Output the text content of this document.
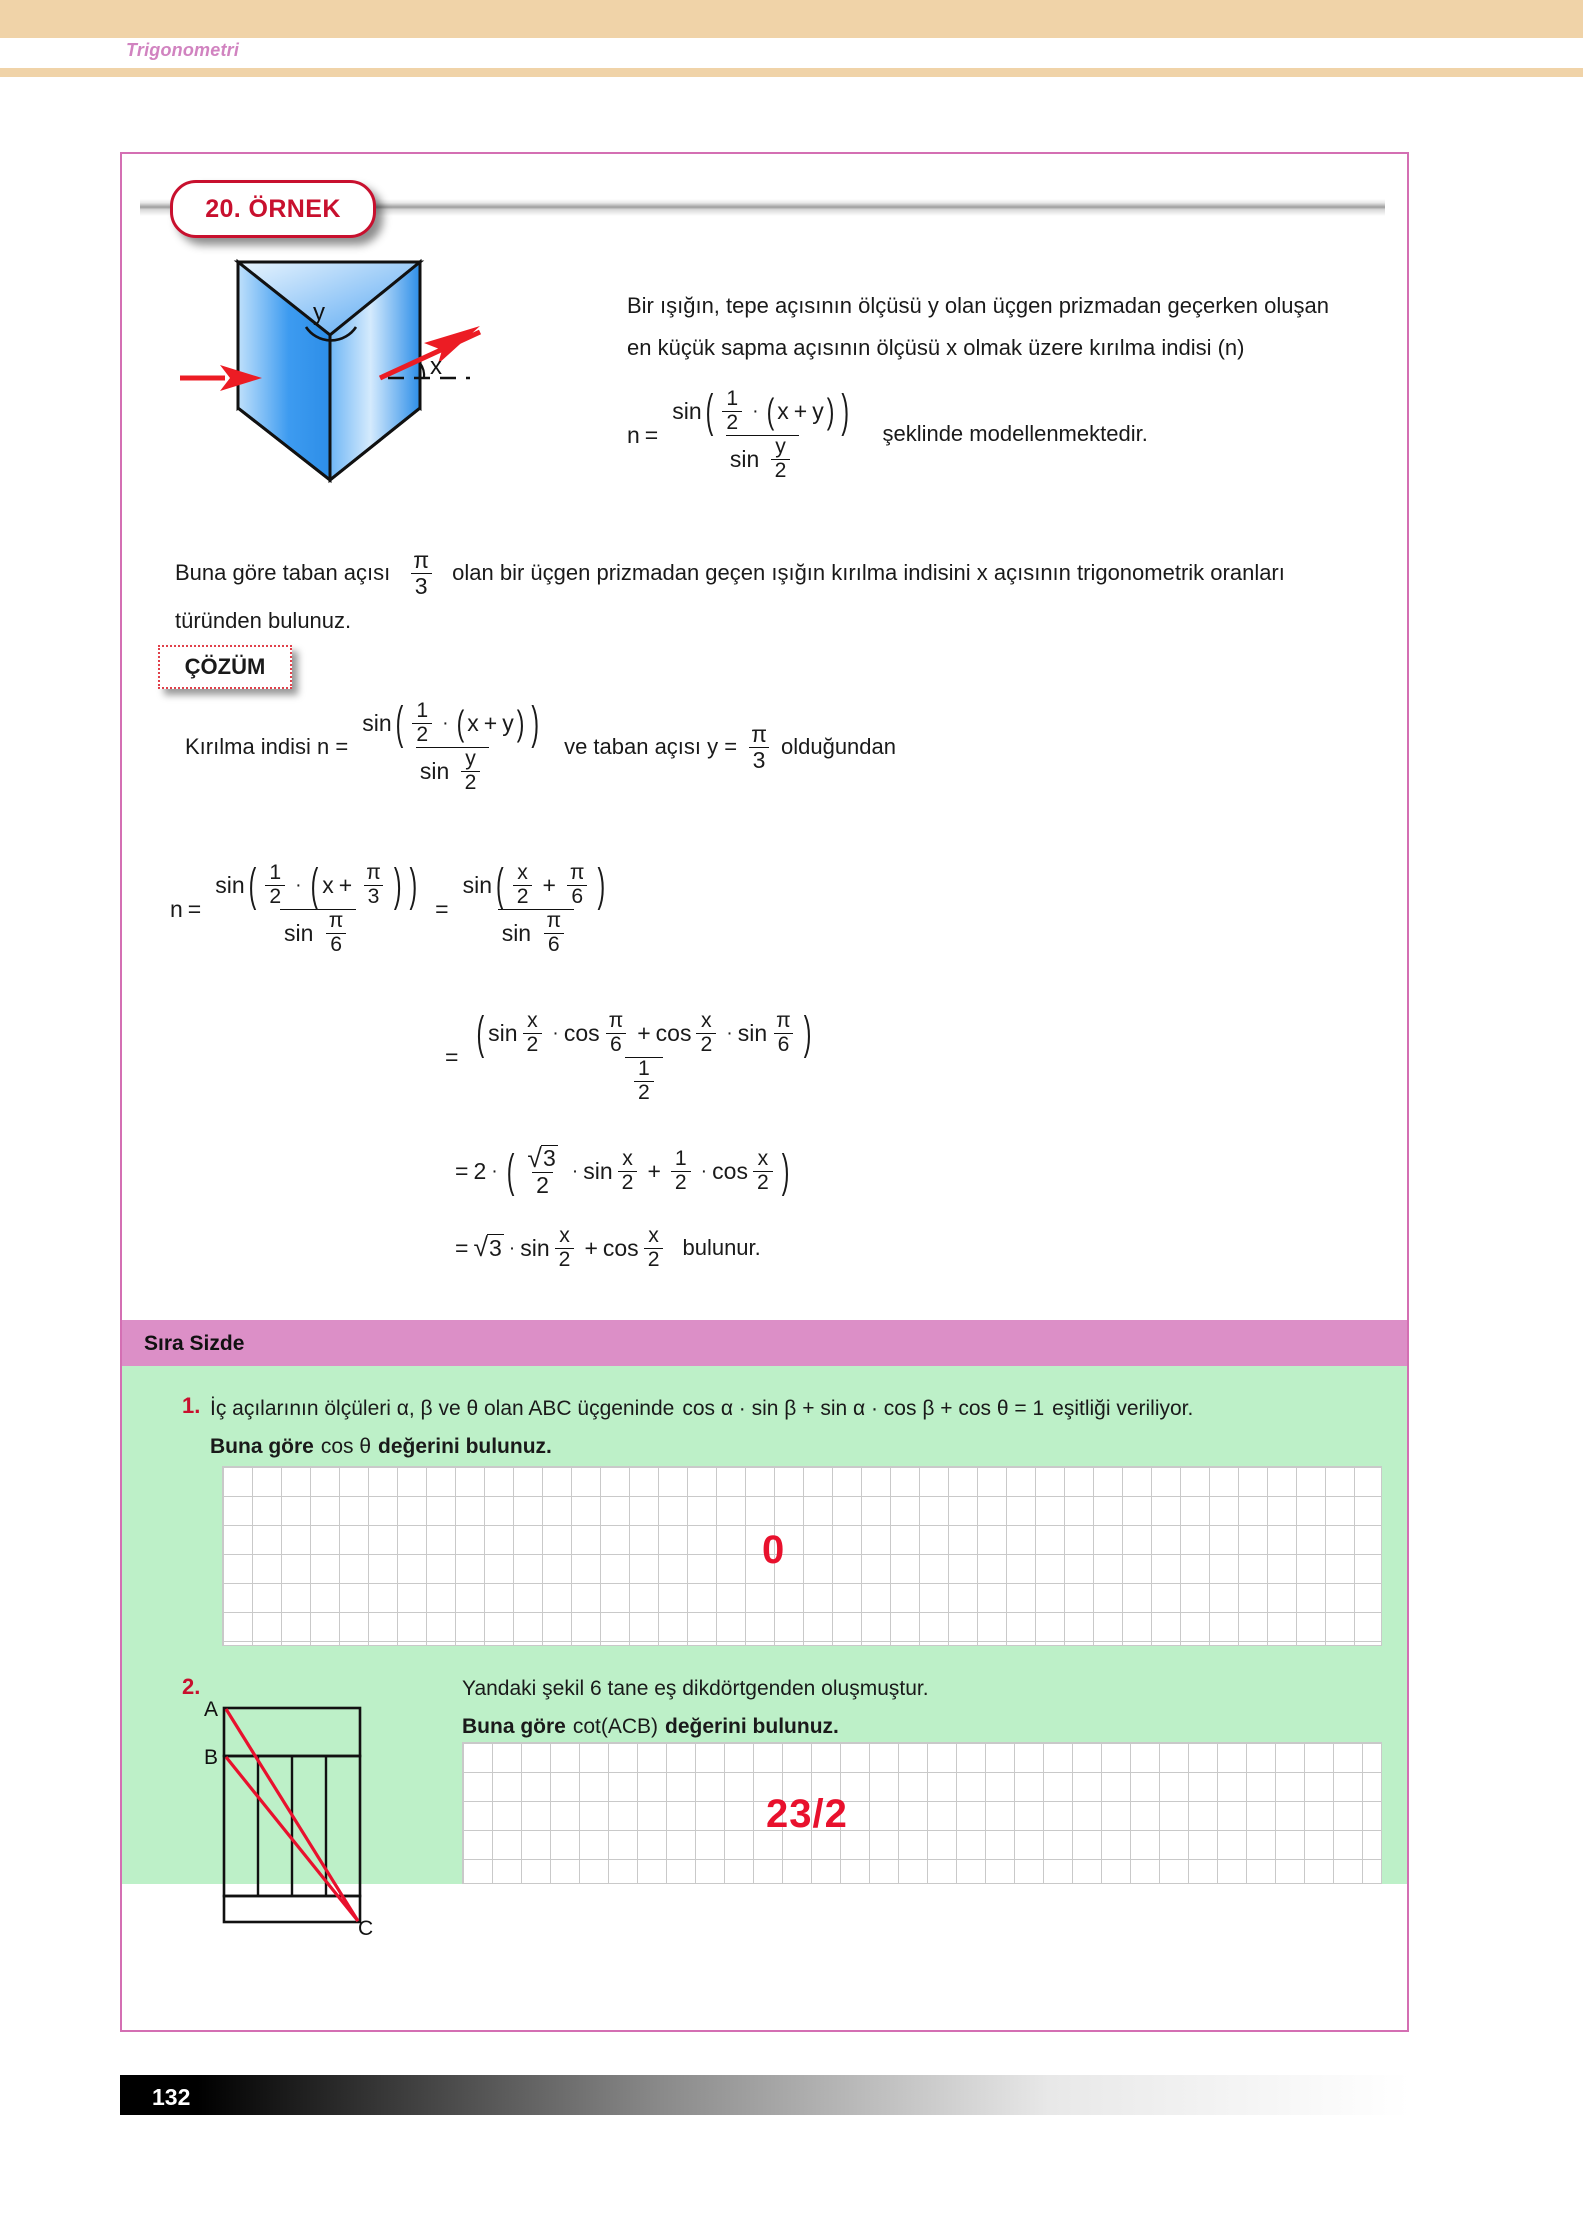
Trigonometri
20. ÖRNEK
y
x
Bir ışığın, tepe açısının ölçüsü y olan üçgen prizmadan geçerken oluşan
en küçük sapma açısının ölçüsü x olmak üzere kırılma indisi (n)
n =
sin ( $\frac{1}{2}$ · ( x + y ) )
sin
$\frac{y}{2}$
şeklinde modellenmektedir.
Buna göre taban açısı $\frac{\pi}{3}$ olan bir üçgen prizmadan geçen ışığın kırılma indisini x açısının trigonometrik oranları
türünden bulunuz.
ÇÖZÜM
Kırılma indisi n =
sin ( $\frac{1}{2}$ · ( x + y ) )
sin
$\frac{y}{2}$
ve taban açısı $y = \frac{\pi}{3}$ olduğundan
n =
sin ( $\frac{1}{2}$ · ( $x + \frac{\pi}{3}$ ) )
sin
$\frac{\pi}{6}$
=
sin ( $\frac{x}{2} + \frac{\pi}{6}$ )
sin
$\frac{\pi}{6}$
= ( $\sin \frac{x}{2} \cdot \cos \frac{\pi}{6} + \cos \frac{x}{2} \cdot \sin \frac{\pi}{6}$ )
$\frac{1}{2}$
= 2 · ( $\frac{√ 3}{2} \cdot \sin \frac{x}{2} + \frac{1}{2} \cdot \cos \frac{x}{2}$ )
= √ $3 \cdot \sin \frac{x}{2} + \cos \frac{x}{2}$ bulunur.
Sıra Sizde
1. İç açılarının ölçüleri α, β ve θ olan ABC üçgeninde cos α · sin β + sin α · cos β + cos θ = 1 eşitliği veriliyor.
Buna göre cos θ değerini bulunuz.
0
2.	Yandaki şekil 6 tane eş dikdörtgenden oluşmuştur.
Buna göre cot(ACB) değerini bulunuz.
A
B
C
23/2
132
